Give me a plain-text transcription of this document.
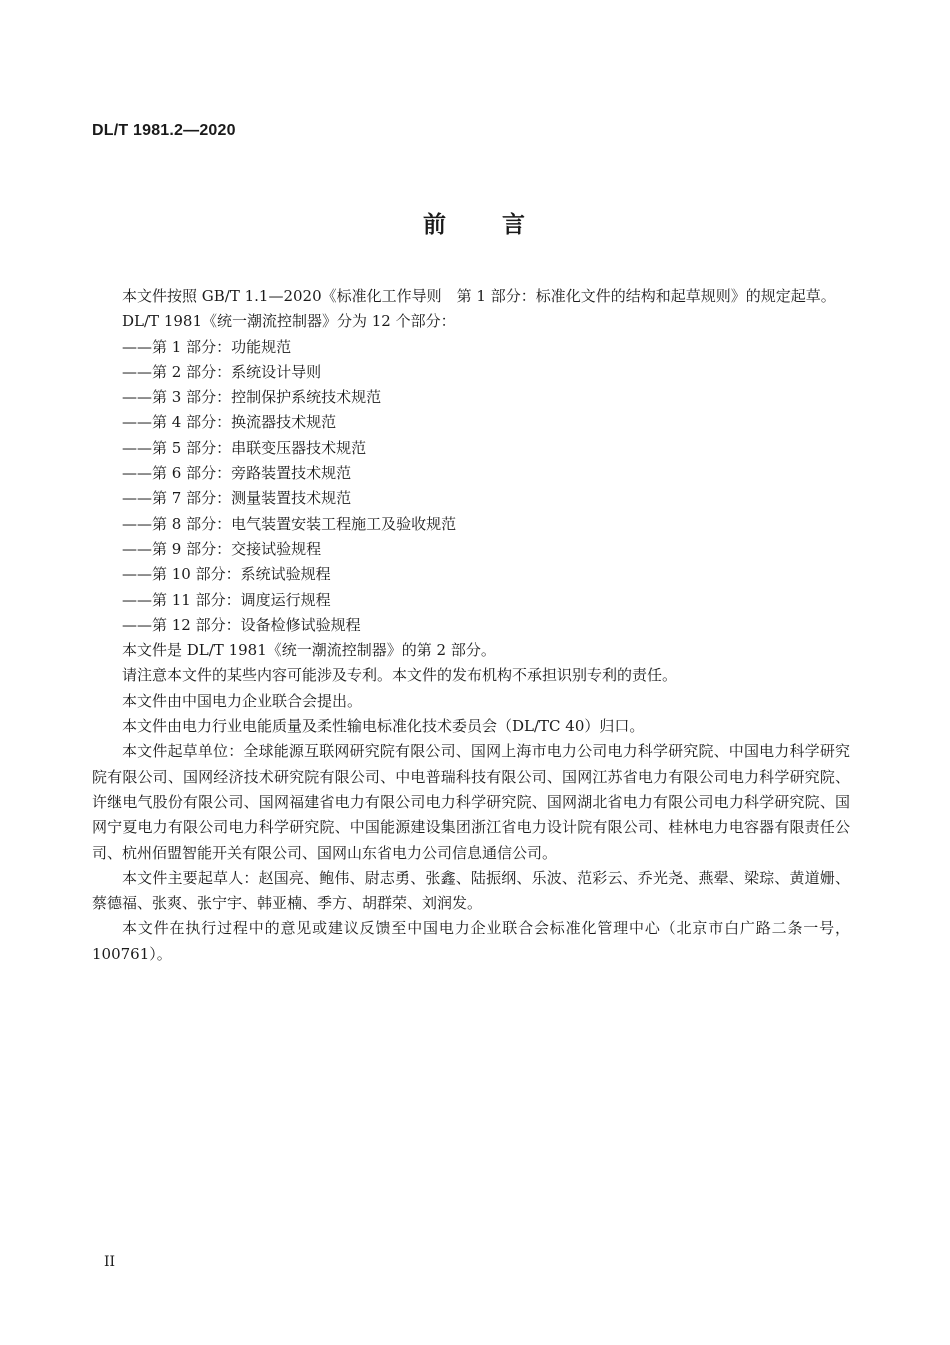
DL/T 1981.2—2020
前 言

本文件按照 GB/T 1.1—2020《标准化工作导则　第 1 部分：标准化文件的结构和起草规则》的规定起草。

DL/T 1981《统一潮流控制器》分为 12 个部分：

——第 1 部分：功能规范
——第 2 部分：系统设计导则
——第 3 部分：控制保护系统技术规范
——第 4 部分：换流器技术规范
——第 5 部分：串联变压器技术规范
——第 6 部分：旁路装置技术规范
——第 7 部分：测量装置技术规范
——第 8 部分：电气装置安装工程施工及验收规范
——第 9 部分：交接试验规程
——第 10 部分：系统试验规程
——第 11 部分：调度运行规程
——第 12 部分：设备检修试验规程

本文件是 DL/T 1981《统一潮流控制器》的第 2 部分。

请注意本文件的某些内容可能涉及专利。本文件的发布机构不承担识别专利的责任。

本文件由中国电力企业联合会提出。

本文件由电力行业电能质量及柔性输电标准化技术委员会（DL/TC 40）归口。

本文件起草单位：全球能源互联网研究院有限公司、国网上海市电力公司电力科学研究院、中国电力科学研究院有限公司、国网经济技术研究院有限公司、中电普瑞科技有限公司、国网江苏省电力有限公司电力科学研究院、许继电气股份有限公司、国网福建省电力有限公司电力科学研究院、国网湖北省电力有限公司电力科学研究院、国网宁夏电力有限公司电力科学研究院、中国能源建设集团浙江省电力设计院有限公司、桂林电力电容器有限责任公司、杭州佰盟智能开关有限公司、国网山东省电力公司信息通信公司。

本文件主要起草人：赵国亮、鲍伟、尉志勇、张鑫、陆振纲、乐波、范彩云、乔光尧、燕翚、梁琮、黄道姗、蔡德福、张爽、张宁宇、韩亚楠、季方、胡群荣、刘润发。

本文件在执行过程中的意见或建议反馈至中国电力企业联合会标准化管理中心（北京市白广路二条一号，100761）。

II
